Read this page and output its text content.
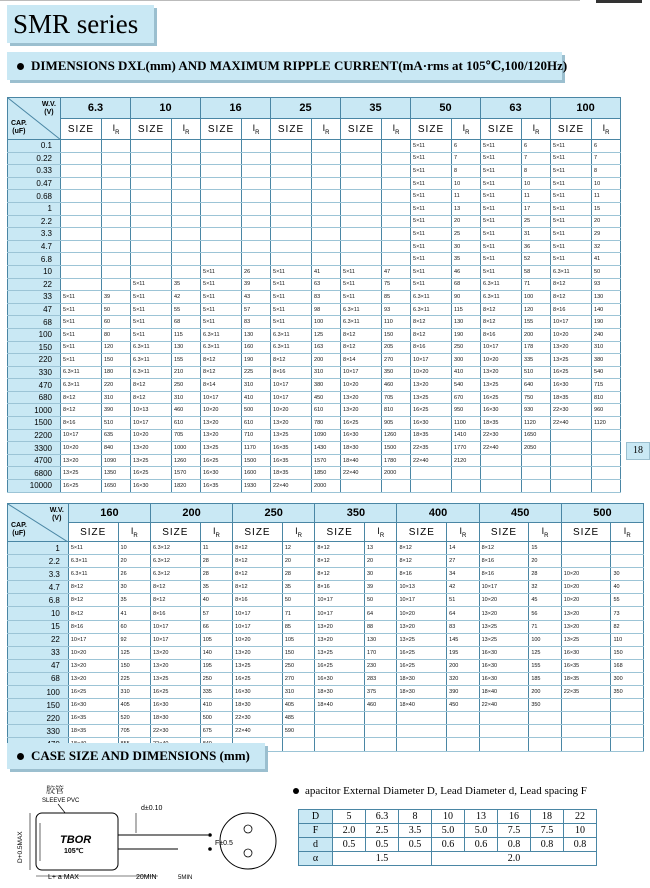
SMR series
DIMENSIONS DXL(mm) AND MAXIMUM RIPPLE CURRENT(mA·rms at 105℃,100/120Hz)
W.V.
(V)
CAP.
(uF)	6.3		10		16		25		35		50		63		100	
	SIZE	$I_R$	SIZE	$I_R$	SIZE	$I_R$	SIZE	$I_R$	SIZE	$I_R$	SIZE	$I_R$	SIZE	$I_R$	SIZE	$I_R$
0.1											5×11	6	5×11	6	5×11	6
0.22											5×11	7	5×11	7	5×11	7
0.33											5×11	8	5×11	8	5×11	8
0.47											5×11	10	5×11	10	5×11	10
0.68											5×11	11	5×11	11	5×11	11
1											5×11	13	5×11	17	5×11	15
2.2											5×11	20	5×11	25	5×11	20
3.3											5×11	25	5×11	31	5×11	29
4.7											5×11	30	5×11	36	5×11	32
6.8											5×11	35	5×11	52	5×11	41
10					5×11	26	5×11	41	5×11	47	5×11	46	5×11	58	6.3×11	50
22			5×11	35	5×11	39	5×11	63	5×11	75	5×11	68	6.3×11	71	8×12	93
33	5×11	39	5×11	42	5×11	43	5×11	83	5×11	85	6.3×11	90	6.3×11	100	8×12	130
47	5×11	50	5×11	55	5×11	57	5×11	98	6.3×11	93	6.3×11	115	8×12	120	8×16	140
68	5×11	60	5×11	68	5×11	83	5×11	100	6.3×11	110	8×12	130	8×12	155	10×17	190
100	5×11	80	5×11	115	6.3×11	130	6.3×11	125	8×12	150	8×12	190	8×16	200	10×20	240
150	5×11	120	6.3×11	130	6.3×11	160	6.3×11	163	8×12	205	8×16	250	10×17	178	13×20	310
220	5×11	150	6.3×11	155	8×12	190	8×12	200	8×14	270	10×17	300	10×20	335	13×25	380
330	6.3×11	180	6.3×11	210	8×12	225	8×16	310	10×17	350	10×20	410	13×20	510	16×25	540
470	6.3×11	220	8×12	250	8×14	310	10×17	380	10×20	460	13×20	540	13×25	640	16×30	715
680	8×12	310	8×12	310	10×17	410	10×17	450	13×20	705	13×25	670	16×25	750	18×35	810
1000	8×12	390	10×13	460	10×20	500	10×20	610	13×20	810	16×25	950	16×30	930	22×30	960
1500	8×16	510	10×17	610	13×20	610	13×20	780	16×25	905	16×30	1100	18×35	1120	22×40	1120
2200	10×17	635	10×20	705	13×20	710	13×25	1090	16×30	1260	18×35	1410	22×30	1650		
3300	10×20	840	13×20	1000	13×25	1170	16×35	1430	18×30	1500	22×35	1770	22×40	2050		
4700	13×20	1090	13×25	1260	16×25	1500	16×35	1570	18×40	1780	22×40	2120				
6800	13×25	1350	16×25	1570	16×30	1600	18×35	1850	22×40	2000						
10000	16×25	1650	16×30	1820	16×35	1930	22×40	2000								
18
W.V.
(V)
CAP.
(uF)	160		200		250		350		400		450		500	
	SIZE	$I_R$	SIZE	$I_R$	SIZE	$I_R$	SIZE	$I_R$	SIZE	$I_R$	SIZE	$I_R$	SIZE	$I_R$
1	5×11	10	6.3×12	11	8×12	12	8×12	13	8×12	14	8×12	15		
2.2	6.3×11	20	6.3×12	28	8×12	20	8×12	20	8×12	27	8×16	20		
3.3	6.3×11	26	6.3×12	28	8×12	28	8×12	30	8×16	34	8×16	28	10×20	30
4.7	8×12	30	8×12	35	8×12	35	8×16	39	10×13	42	10×17	32	10×20	40
6.8	8×12	35	8×12	40	8×16	50	10×17	50	10×17	51	10×20	45	10×20	55
10	8×12	41	8×16	57	10×17	71	10×17	64	10×20	64	13×20	56	13×20	73
15	8×16	60	10×17	66	10×17	85	13×20	88	13×20	83	13×25	71	13×20	82
22	10×17	92	10×17	105	10×20	105	13×20	130	13×25	145	13×25	100	13×25	110
33	10×20	125	13×20	140	13×20	150	13×25	170	16×25	195	16×30	125	16×30	150
47	13×20	150	13×20	195	13×25	250	16×25	230	16×25	200	16×30	155	16×35	168
68	13×20	225	13×25	250	16×25	270	16×30	283	18×30	320	16×30	185	18×35	300
100	16×25	310	16×25	335	16×30	310	18×30	375	18×30	390	18×40	200	22×35	350
150	16×30	405	16×30	410	18×30	405	18×40	460	18×40	450	22×40	350		
220	16×35	520	18×30	500	22×30	485								
330	18×35	705	22×30	675	22×40	590								

CASE SIZE AND DIMENSIONS (mm)
胶管
SLEEVE PVC
TBOR
105℃
d±0.10
D+0.5MAX
L+ a MAX	20MIN	5MIN
F±0.5
apacitor External Diameter D, Lead Diameter d, Lead spacing F
D	5	6.3	8	10	13	16	18	22
F	2.0	2.5	3.5	5.0	5.0	7.5	7.5	10
d	0.5	0.5	0.5	0.6	0.6	0.8	0.8	0.8
α	1.5			2.0				
